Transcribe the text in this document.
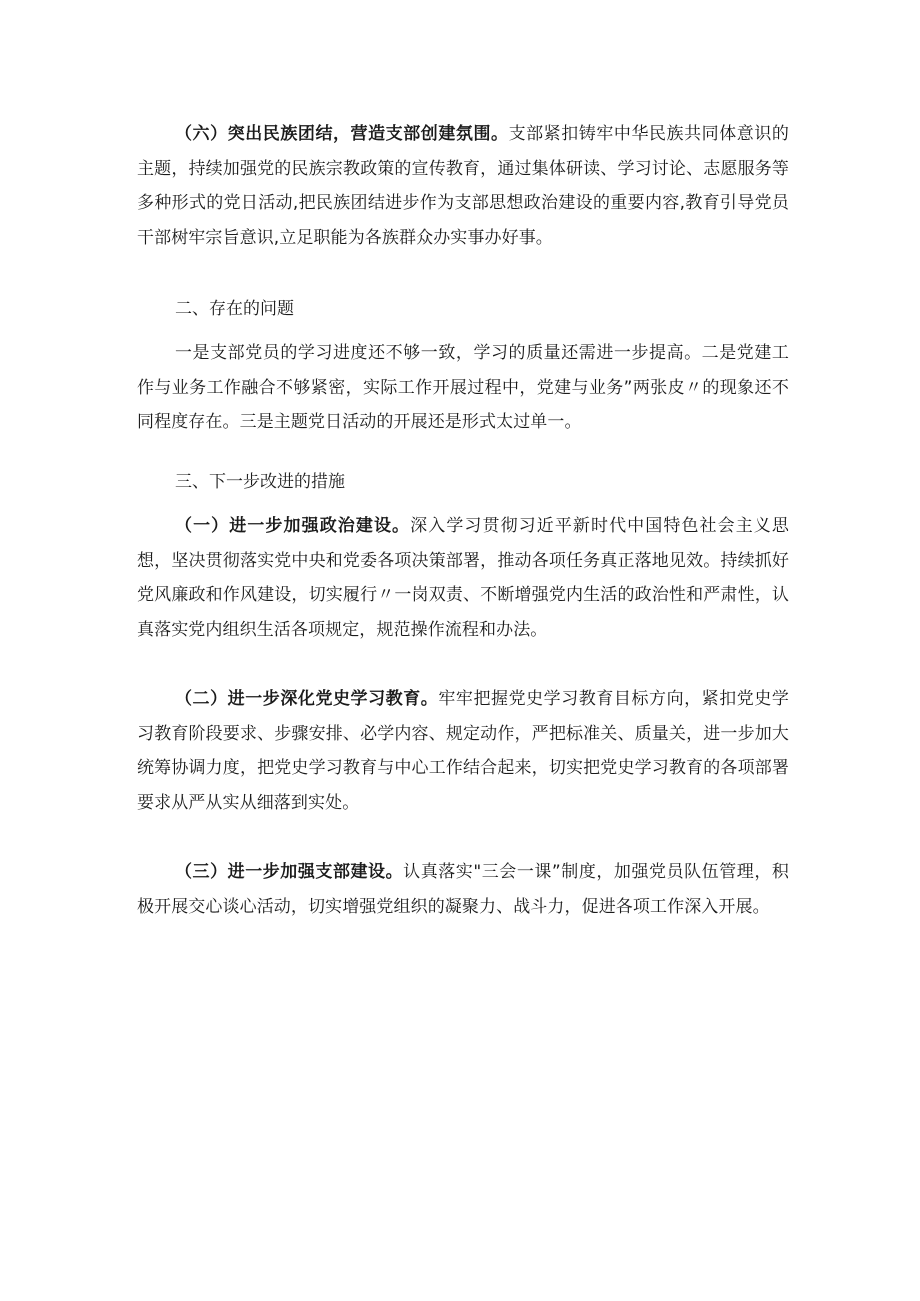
（六）突出民族团结，营造支部创建氛围。支部紧扣铸牢中华民族共同体意识的主题，持续加强党的民族宗教政策的宣传教育，通过集体研读、学习讨论、志愿服务等多种形式的党日活动,把民族团结进步作为支部思想政治建设的重要内容,教育引导党员干部树牢宗旨意识,立足职能为各族群众办实事办好事。

二、存在的问题

一是支部党员的学习进度还不够一致，学习的质量还需进一步提高。二是党建工作与业务工作融合不够紧密，实际工作开展过程中，党建与业务”两张皮〃的现象还不同程度存在。三是主题党日活动的开展还是形式太过单一。

三、下一步改进的措施

（一）进一步加强政治建设。深入学习贯彻习近平新时代中国特色社会主义思想，坚决贯彻落实党中央和党委各项决策部署，推动各项任务真正落地见效。持续抓好党风廉政和作风建设，切实履行〃一岗双责、不断增强党内生活的政治性和严肃性，认真落实党内组织生活各项规定，规范操作流程和办法。

（二）进一步深化党史学习教育。牢牢把握党史学习教育目标方向，紧扣党史学习教育阶段要求、步骤安排、必学内容、规定动作，严把标准关、质量关，进一步加大统筹协调力度，把党史学习教育与中心工作结合起来，切实把党史学习教育的各项部署要求从严从实从细落到实处。

（三）进一步加强支部建设。认真落实"三会一课”制度，加强党员队伍管理，积极开展交心谈心活动，切实增强党组织的凝聚力、战斗力，促进各项工作深入开展。
